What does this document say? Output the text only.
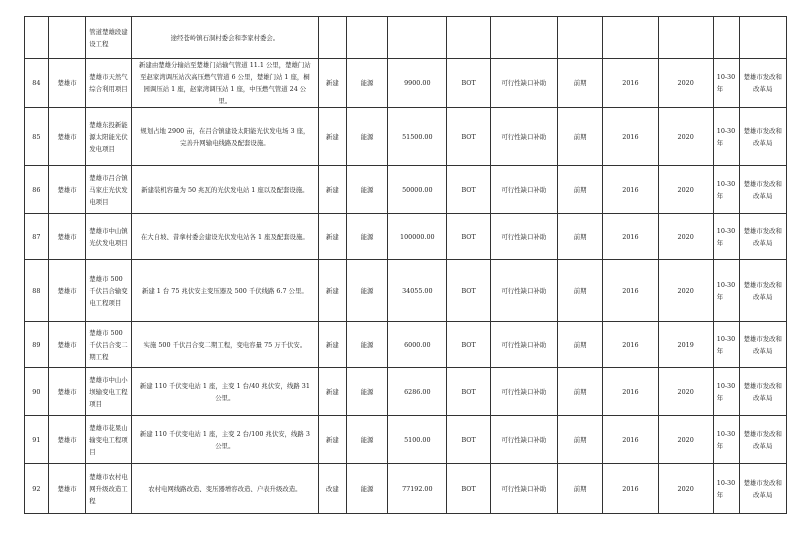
		管道楚雄段建设工程	途经苍岭镇石洞村委会和李家村委会。										
84	楚雄市	楚雄市天然气综合利用项目	新建由楚雄分输站至楚雄门站输气管道 11.1 公里，楚雄门站至赵家湾调压站次高压燃气管道 6 公里，楚雄门站 1 座，桐园调压站 1 座，赵家湾调压站 1 座，中压燃气管道 24 公里。	新建	能源	9900.00	BOT	可行性缺口补助	前期	2016	2020	10-30 年	楚雄市发改和改革局
85	楚雄市	楚雄东投新能源太阳能光伏发电项目	规划占地 2900 亩，在吕合镇建设太阳能光伏发电场 3 座，完善升网输电线路及配套设施。	新建	能源	51500.00	BOT	可行性缺口补助	前期	2016	2020	10-30 年	楚雄市发改和改革局
86	楚雄市	楚雄市吕合镇马家庄光伏发电项目	新建装机容量为 50 兆瓦的光伏发电站 1 座以及配套设施。	新建	能源	50000.00	BOT	可行性缺口补助	前期	2016	2020	10-30 年	楚雄市发改和改革局
87	楚雄市	楚雄市中山镇光伏发电项目	在大自坡、昔拿村委会建设光伏发电站各 1 座及配套设施。	新建	能源	100000.00	BOT	可行性缺口补助	前期	2016	2020	10-30 年	楚雄市发改和改革局
88	楚雄市	楚雄市 500 千伏吕合输变电工程项目	新建 1 台 75 兆伏安主变压器及 500 千伏线路 6.7 公里。	新建	能源	34055.00	BOT	可行性缺口补助	前期	2016	2020	10-30 年	楚雄市发改和改革局
89	楚雄市	楚雄市 500 千伏吕合变二期工程	实施 500 千伏吕合变二期工程，变电容量 75 万千伏安。	新建	能源	6000.00	BOT	可行性缺口补助	前期	2016	2019	10-30 年	楚雄市发改和改革局
90	楚雄市	楚雄市中山小坝输变电工程项目	新建 110 千伏变电站 1 座，主变 1 台/40 兆伏安，线路 31 公里。	新建	能源	6286.00	BOT	可行性缺口补助	前期	2016	2020	10-30 年	楚雄市发改和改革局
91	楚雄市	楚雄市花果山输变电工程项目	新建 110 千伏变电站 1 座，主变 2 台/100 兆伏安，线路 3 公里。	新建	能源	5100.00	BOT	可行性缺口补助	前期	2016	2020	10-30 年	楚雄市发改和改革局
92	楚雄市	楚雄市农村电网升级改造工程	农村电网线路改造、变压器增容改造、户表升级改造。	改建	能源	77192.00	BOT	可行性缺口补助	前期	2016	2020	10-30 年	楚雄市发改和改革局
